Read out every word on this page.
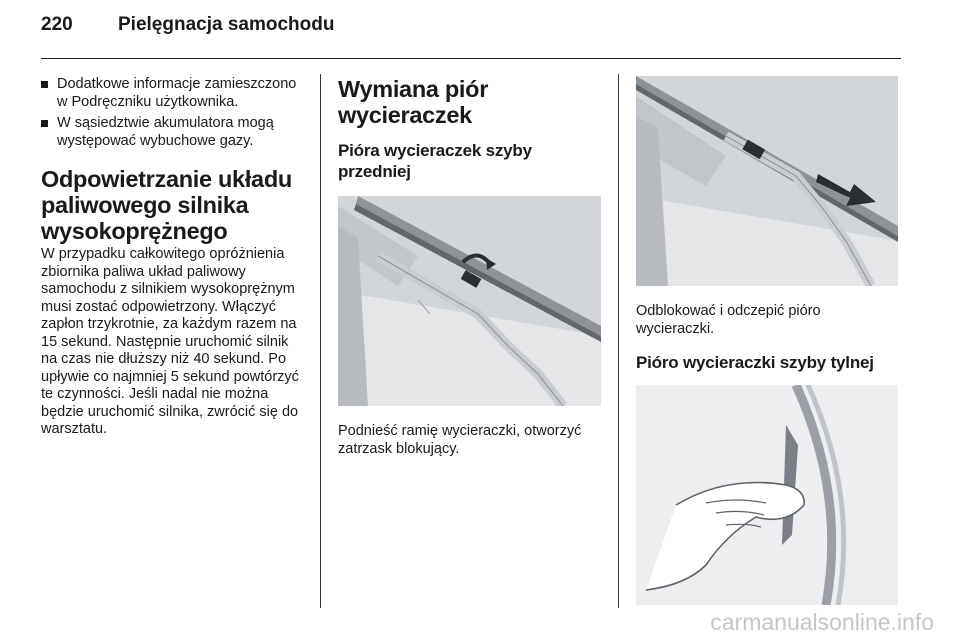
220 Pielęgnacja samochodu
Dodatkowe informacje zamieszczono w Podręczniku użytkownika.
W sąsiedztwie akumulatora mogą występować wybuchowe gazy.
Odpowietrzanie układu paliwowego silnika wysokoprężnego

W przypadku całkowitego opróżnienia zbiornika paliwa układ paliwowy samochodu z silnikiem wysokoprężnym musi zostać odpowietrzony. Włączyć zapłon trzykrotnie, za każdym razem na 15 sekund. Następnie uruchomić silnik na czas nie dłuższy niż 40 sekund. Po upływie co najmniej 5 sekund powtórzyć te czynności. Jeśli nadal nie można będzie uruchomić silnika, zwrócić się do warsztatu.

Wymiana piór wycieraczek
Pióra wycieraczek szyby przedniej

Podnieść ramię wycieraczki, otworzyć zatrzask blokujący.

Odblokować i odczepić pióro wycieraczki.

Pióro wycieraczki szyby tylnej
carmanualsonline.info
